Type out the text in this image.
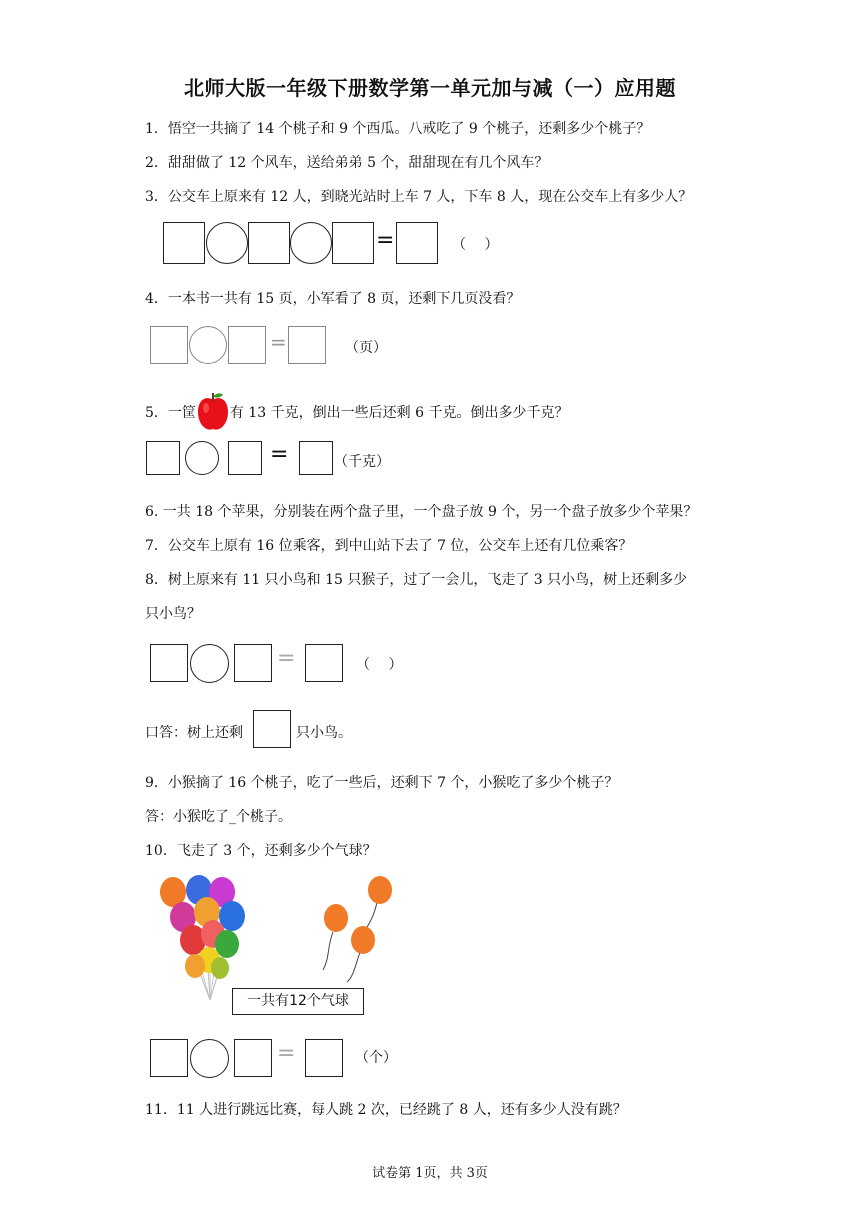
北师大版一年级下册数学第一单元加与减（一）应用题
1．悟空一共摘了 14 个桃子和 9 个西瓜。八戒吃了 9 个桃子，还剩多少个桃子？
2．甜甜做了 12 个风车，送给弟弟 5 个，甜甜现在有几个风车？
3．公交车上原来有 12 人，到晓光站时上车 7 人，下车 8 人，现在公交车上有多少人？
=	（　 ）
4．一本书一共有 15 页，小军看了 8 页，还剩下几页没看？
=	（页）
5．一筐 有 13 千克，倒出一些后还剩 6 千克。倒出多少千克？
=	（千克）
6. 一共 18 个苹果，分别装在两个盘子里，一个盘子放 9 个，另一个盘子放多少个苹果？
7．公交车上原有 16 位乘客，到中山站下去了 7 位，公交车上还有几位乘客？
8．树上原来有 11 只小鸟和 15 只猴子，过了一会儿，飞走了 3 只小鸟，树上还剩多少
只小鸟？
=	（　 ）
口答：树上还剩	只小鸟。
9．小猴摘了 16 个桃子，吃了一些后，还剩下 7 个，小猴吃了多少个桃子？
答：小猴吃了_个桃子。
10．飞走了 3 个，还剩多少个气球？
一共有12个气球
=	（个）
11．11 人进行跳远比赛，每人跳 2 次，已经跳了 8 人，还有多少人没有跳？
试卷第 1页，共 3页
